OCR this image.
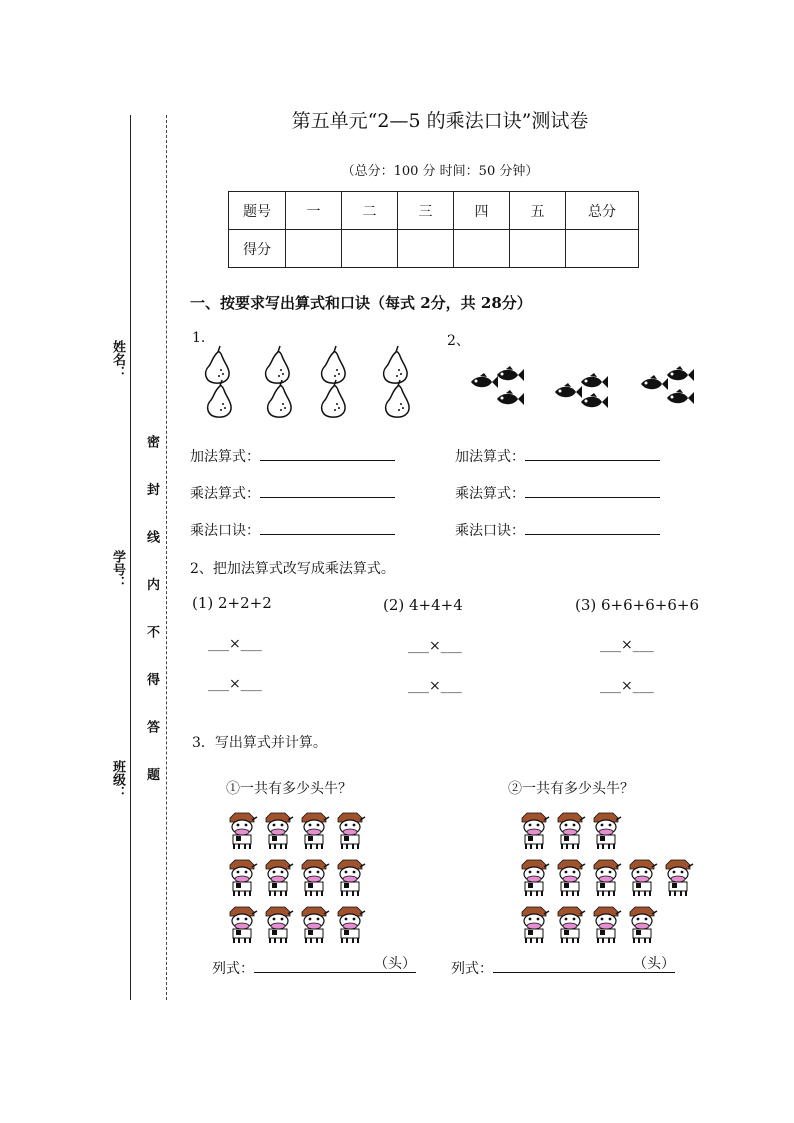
姓名：
学号：
班级： 密 封 线 内 不 得 答 题
第五单元“2—5 的乘法口诀”测试卷
（总分：100 分 时间：50 分钟）
题号	一	二	三	四	五	总分
得分						
一、按要求写出算式和口诀（每式 2分，共 28分）
1.	2、
加法算式：
乘法算式：
乘法口诀：
加法算式：
乘法算式：
乘法口诀：
2、把加法算式改写成乘法算式。
(1) 2+2+2	(2) 4+4+4	(3) 6+6+6+6+6
___×___
___×___
___×___
___×___
___×___
___×___
3．写出算式并计算。
①一共有多少头牛？	②一共有多少头牛？
列式：	（头）	列式：	（头）
